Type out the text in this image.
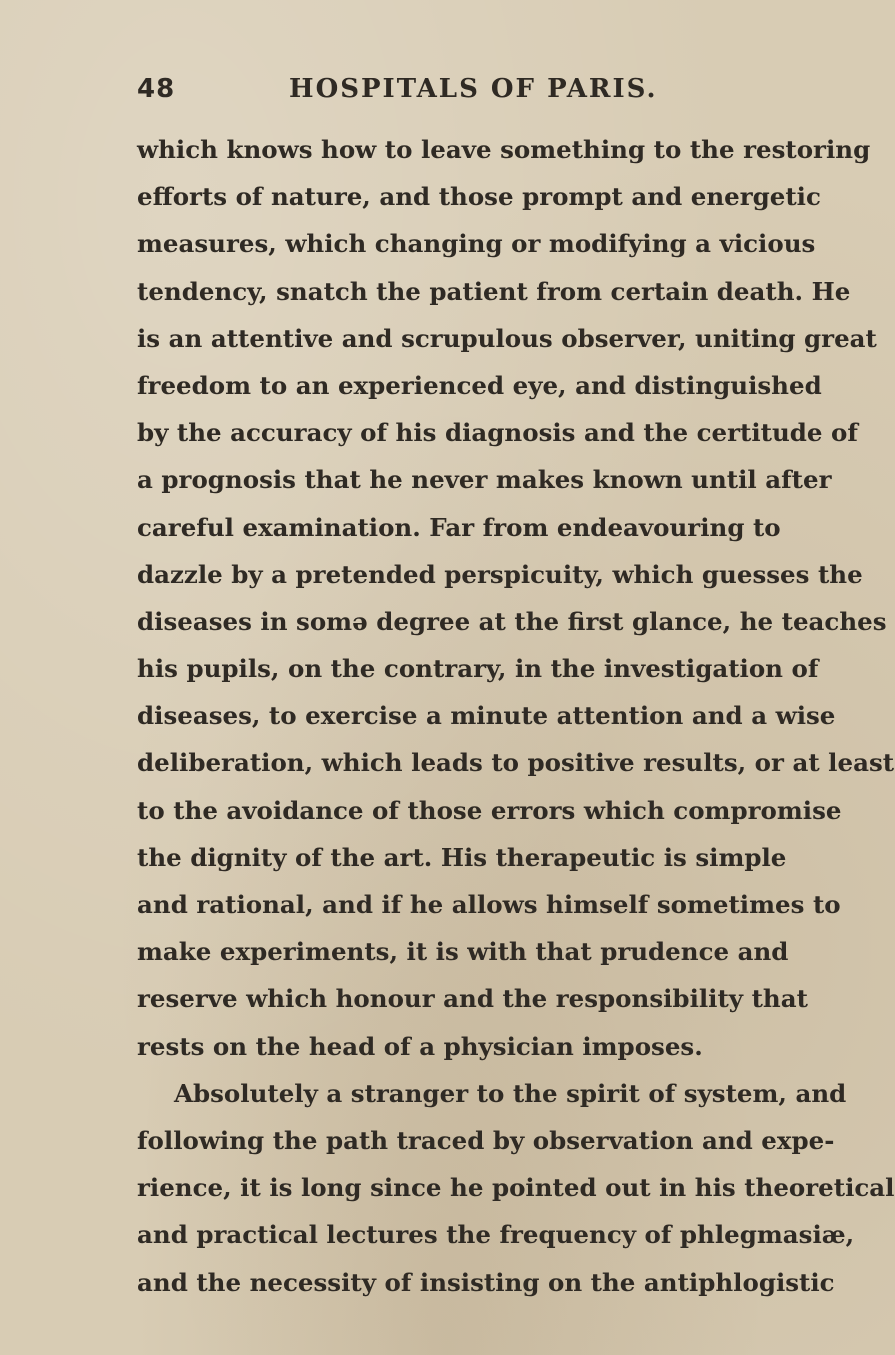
48	HOSPITALS OF PARIS.
which knows how to leave something to the restoring
efforts of nature, and those prompt and energetic
measures, which changing or modifying a vicious
tendency, snatch the patient from certain death. He
is an attentive and scrupulous observer, uniting great
freedom to an experienced eye, and distinguished
by the accuracy of his diagnosis and the certitude of
a prognosis that he never makes known until after
careful examination. Far from endeavouring to
dazzle by a pretended perspicuity, which guesses the
diseases in somə degree at the first glance, he teaches
his pupils, on the contrary, in the investigation of
diseases, to exercise a minute attention and a wise
deliberation, which leads to positive results, or at least
to the avoidance of those errors which compromise
the dignity of the art. His therapeutic is simple
and rational, and if he allows himself sometimes to
make experiments, it is with that prudence and
reserve which honour and the responsibility that
rests on the head of a physician imposes.
Absolutely a stranger to the spirit of system, and
following the path traced by observation and expe-
rience, it is long since he pointed out in his theoretical
and practical lectures the frequency of phlegmasiæ,
and the necessity of insisting on the antiphlogistic
